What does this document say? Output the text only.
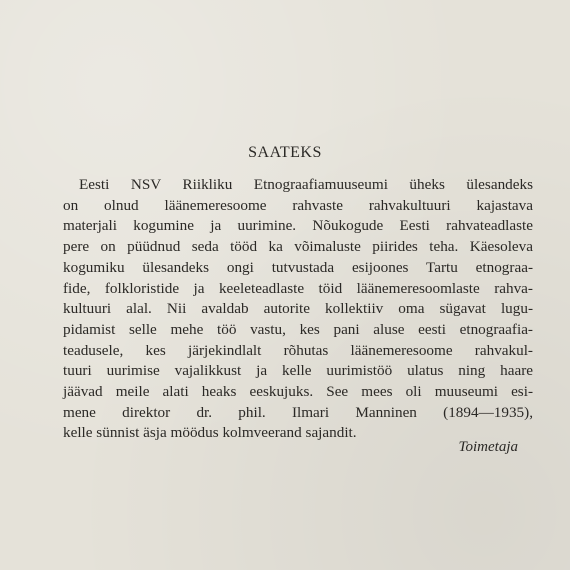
SAATEKS
Eesti NSV Riikliku Etnograafiamuuseumi üheks ülesandeks
on olnud läänemeresoome rahvaste rahvakultuuri kajastava
materjali kogumine ja uurimine. Nõukogude Eesti rahvateadlaste
pere on püüdnud seda tööd ka võimaluste piirides teha. Käesoleva
kogumiku ülesandeks ongi tutvustada esijoones Tartu etnograa-
fide, folkloristide ja keeleteadlaste töid läänemeresoomlaste rahva-
kultuuri alal. Nii avaldab autorite kollektiiv oma sügavat lugu-
pidamist selle mehe töö vastu, kes pani aluse eesti etnograafia-
teadusele, kes järjekindlalt rõhutas läänemeresoome rahvakul-
tuuri uurimise vajalikkust ja kelle uurimistöö ulatus ning haare
jäävad meile alati heaks eeskujuks. See mees oli muuseumi esi-
mene direktor dr. phil. Ilmari Manninen (1894—1935),
kelle sünnist äsja möödus kolmveerand sajandit.
Toimetaja
